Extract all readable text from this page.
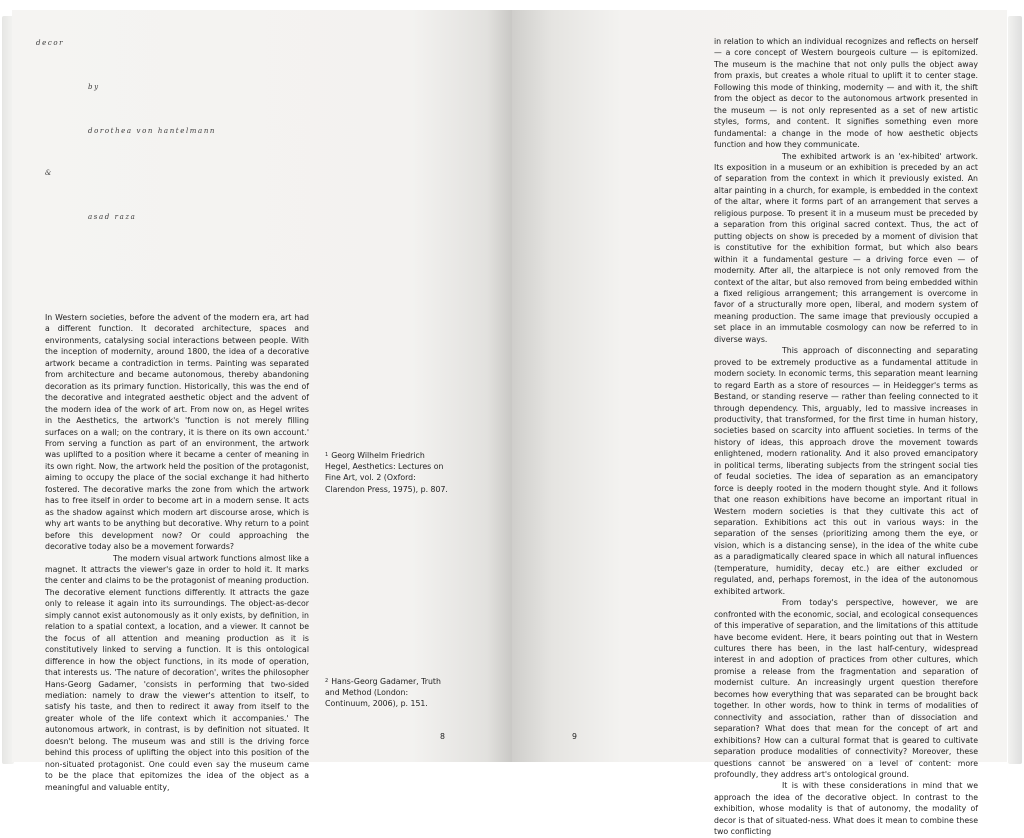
decor
by
dorothea von hantelmann
&
asad raza

In Western societies, before the advent of the modern era, art had a different function. It decorated architecture, spaces and environments, catalysing social interactions between people. With the inception of modernity, around 1800, the idea of a decorative artwork became a contradiction in terms. Painting was separated from architecture and became autonomous, thereby abandoning decoration as its primary function. Historically, this was the end of the decorative and integrated aesthetic object and the advent of the modern idea of the work of art. From now on, as Hegel writes in the Aesthetics, the artwork's 'function is not merely filling surfaces on a wall; on the contrary, it is there on its own account.' From serving a function as part of an environment, the artwork was uplifted to a position where it became a center of meaning in its own right. Now, the artwork held the position of the protagonist, aiming to occupy the place of the social exchange it had hitherto fostered. The decorative marks the zone from which the artwork has to free itself in order to become art in a modern sense. It acts as the shadow against which modern art discourse arose, which is why art wants to be anything but decorative. Why return to a point before this development now? Or could approaching the decorative today also be a movement forwards?

The modern visual artwork functions almost like a magnet. It attracts the viewer's gaze in order to hold it. It marks the center and claims to be the protagonist of meaning production. The decorative element functions differently. It attracts the gaze only to release it again into its surroundings. The object-as-decor simply cannot exist autonomously as it only exists, by definition, in relation to a spatial context, a location, and a viewer. It cannot be the focus of all attention and meaning production as it is constitutively linked to serving a function. It is this ontological difference in how the object functions, in its mode of operation, that interests us. 'The nature of decoration', writes the philosopher Hans-Georg Gadamer, 'consists in performing that two-sided mediation: namely to draw the viewer's attention to itself, to satisfy his taste, and then to redirect it away from itself to the greater whole of the life context which it accompanies.' The autonomous artwork, in contrast, is by definition not situated. It doesn't belong. The museum was and still is the driving force behind this process of uplifting the object into this position of the non-situated protagonist. One could even say the museum came to be the place that epitomizes the idea of the object as a meaningful and valuable entity,

$^1$ Georg Wilhelm Friedrich Hegel, Aesthetics: Lectures on Fine Art, vol. 2 (Oxford: Clarendon Press, 1975), p. 807.
$^2$ Hans-Georg Gadamer, Truth and Method (London: Continuum, 2006), p. 151.
8

in relation to which an individual recognizes and reflects on herself — a core concept of Western bourgeois culture — is epitomized. The museum is the machine that not only pulls the object away from praxis, but creates a whole ritual to uplift it to center stage. Following this mode of thinking, modernity — and with it, the shift from the object as decor to the autonomous artwork presented in the museum — is not only represented as a set of new artistic styles, forms, and content. It signifies something even more fundamental: a change in the mode of how aesthetic objects function and how they communicate.

The exhibited artwork is an 'ex-hibited' artwork. Its exposition in a museum or an exhibition is preceded by an act of separation from the context in which it previously existed. An altar painting in a church, for example, is embedded in the context of the altar, where it forms part of an arrangement that serves a religious purpose. To present it in a museum must be preceded by a separation from this original sacred context. Thus, the act of putting objects on show is preceded by a moment of division that is constitutive for the exhibition format, but which also bears within it a fundamental gesture — a driving force even — of modernity. After all, the altarpiece is not only removed from the context of the altar, but also removed from being embedded within a fixed religious arrangement; this arrangement is overcome in favor of a structurally more open, liberal, and modern system of meaning production. The same image that previously occupied a set place in an immutable cosmology can now be referred to in diverse ways.

This approach of disconnecting and separating proved to be extremely productive as a fundamental attitude in modern society. In economic terms, this separation meant learning to regard Earth as a store of resources — in Heidegger's terms as Bestand, or standing reserve — rather than feeling connected to it through dependency. This, arguably, led to massive increases in productivity, that transformed, for the first time in human history, societies based on scarcity into affluent societies. In terms of the history of ideas, this approach drove the movement towards enlightened, modern rationality. And it also proved emancipatory in political terms, liberating subjects from the stringent social ties of feudal societies. The idea of separation as an emancipatory force is deeply rooted in the modern thought style. And it follows that one reason exhibitions have become an important ritual in Western modern societies is that they cultivate this act of separation. Exhibitions act this out in various ways: in the separation of the senses (prioritizing among them the eye, or vision, which is a distancing sense), in the idea of the white cube as a paradigmatically cleared space in which all natural influences (temperature, humidity, decay etc.) are either excluded or regulated, and, perhaps foremost, in the idea of the autonomous exhibited artwork.

From today's perspective, however, we are confronted with the economic, social, and ecological consequences of this imperative of separation, and the limitations of this attitude have become evident. Here, it bears pointing out that in Western cultures there has been, in the last half-century, widespread interest in and adoption of practices from other cultures, which promise a release from the fragmentation and separation of modernist culture. An increasingly urgent question therefore becomes how everything that was separated can be brought back together. In other words, how to think in terms of modalities of connectivity and association, rather than of dissociation and separation? What does that mean for the concept of art and exhibitions? How can a cultural format that is geared to cultivate separation produce modalities of connectivity? Moreover, these questions cannot be answered on a level of content: more profoundly, they address art's ontological ground.

It is with these considerations in mind that we approach the idea of the decorative object. In contrast to the exhibition, whose modality is that of autonomy, the modality of decor is that of situated-ness. What does it mean to combine these two conflicting

9
